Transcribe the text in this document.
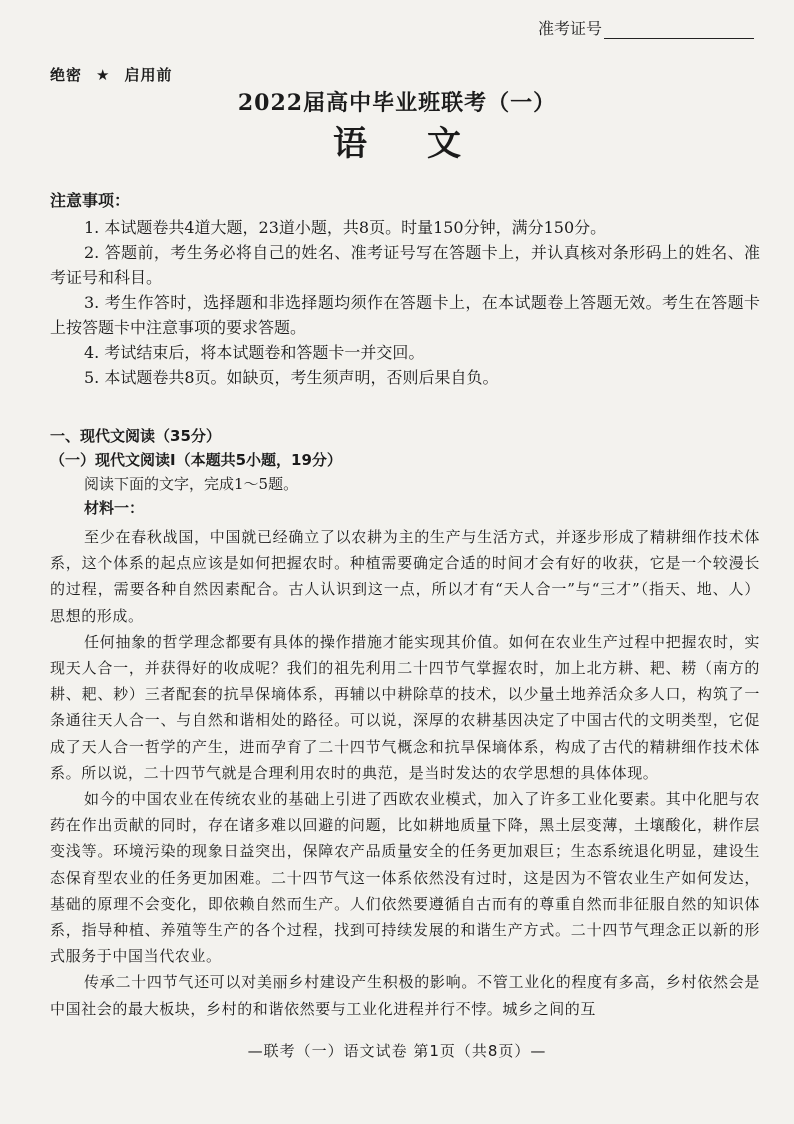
准考证号
绝密 ★ 启用前
2022届高中毕业班联考（一）
语文
注意事项：

1. 本试题卷共4道大题，23道小题，共8页。时量150分钟，满分150分。

2. 答题前，考生务必将自己的姓名、准考证号写在答题卡上，并认真核对条形码上的姓名、准考证号和科目。

3. 考生作答时，选择题和非选择题均须作在答题卡上，在本试题卷上答题无效。考生在答题卡上按答题卡中注意事项的要求答题。

4. 考试结束后，将本试题卷和答题卡一并交回。

5. 本试题卷共8页。如缺页，考生须声明，否则后果自负。

一、现代文阅读（35分）

（一）现代文阅读Ⅰ（本题共5小题，19分）

阅读下面的文字，完成1～5题。

材料一：

至少在春秋战国，中国就已经确立了以农耕为主的生产与生活方式，并逐步形成了精耕细作技术体系，这个体系的起点应该是如何把握农时。种植需要确定合适的时间才会有好的收获，它是一个较漫长的过程，需要各种自然因素配合。古人认识到这一点，所以才有“天人合一”与“三才”（指天、地、人）思想的形成。

任何抽象的哲学理念都要有具体的操作措施才能实现其价值。如何在农业生产过程中把握农时，实现天人合一，并获得好的收成呢？我们的祖先利用二十四节气掌握农时，加上北方耕、耙、耢（南方的耕、耙、耖）三者配套的抗旱保墒体系，再辅以中耕除草的技术，以少量土地养活众多人口，构筑了一条通往天人合一、与自然和谐相处的路径。可以说，深厚的农耕基因决定了中国古代的文明类型，它促成了天人合一哲学的产生，进而孕育了二十四节气概念和抗旱保墒体系，构成了古代的精耕细作技术体系。所以说，二十四节气就是合理利用农时的典范，是当时发达的农学思想的具体体现。

如今的中国农业在传统农业的基础上引进了西欧农业模式，加入了许多工业化要素。其中化肥与农药在作出贡献的同时，存在诸多难以回避的问题，比如耕地质量下降，黑土层变薄，土壤酸化，耕作层变浅等。环境污染的现象日益突出，保障农产品质量安全的任务更加艰巨；生态系统退化明显，建设生态保育型农业的任务更加困难。二十四节气这一体系依然没有过时，这是因为不管农业生产如何发达，基础的原理不会变化，即依赖自然而生产。人们依然要遵循自古而有的尊重自然而非征服自然的知识体系，指导种植、养殖等生产的各个过程，找到可持续发展的和谐生产方式。二十四节气理念正以新的形式服务于中国当代农业。

传承二十四节气还可以对美丽乡村建设产生积极的影响。不管工业化的程度有多高，乡村依然会是中国社会的最大板块，乡村的和谐依然要与工业化进程并行不悖。城乡之间的互

—联考（一）语文试卷 第1页（共8页）—
